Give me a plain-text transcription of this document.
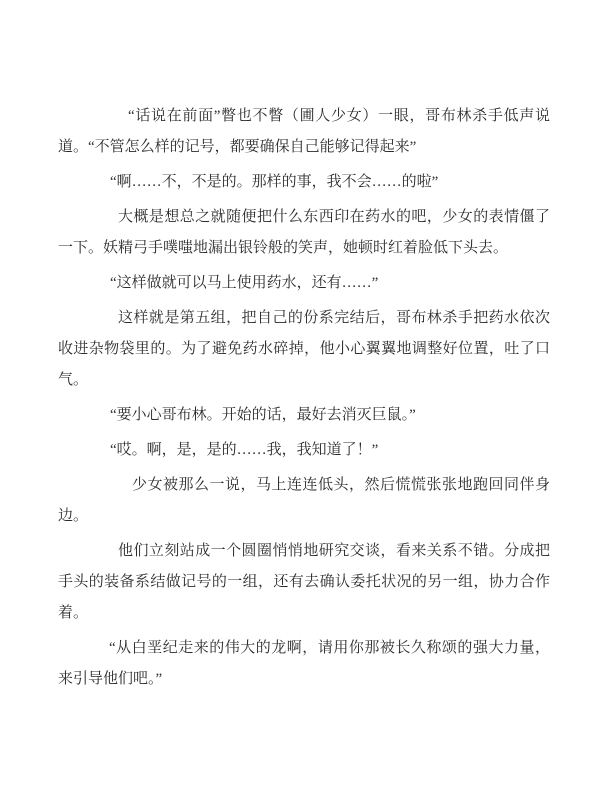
“话说在前面”瞥也不瞥（圃人少女）一眼，哥布林杀手低声说道。“不管怎么样的记号，都要确保自己能够记得起来”

“啊……不，不是的。那样的事，我不会……的啦”

大概是想总之就随便把什么东西印在药水的吧，少女的表情僵了一下。妖精弓手噗嗤地漏出银铃般的笑声，她顿时红着脸低下头去。

“这样做就可以马上使用药水，还有……”

这样就是第五组，把自己的份系完结后，哥布林杀手把药水依次收进杂物袋里的。为了避免药水碎掉，他小心翼翼地调整好位置，吐了口气。

“要小心哥布林。开始的话，最好去消灭巨鼠。”

“哎。啊，是，是的……我，我知道了！”

少女被那么一说，马上连连低头，然后慌慌张张地跑回同伴身边。

他们立刻站成一个圆圈悄悄地研究交谈，看来关系不错。分成把手头的装备系结做记号的一组，还有去确认委托状况的另一组，协力合作着。

“从白垩纪走来的伟大的龙啊，请用你那被长久称颂的强大力量，来引导他们吧。”
